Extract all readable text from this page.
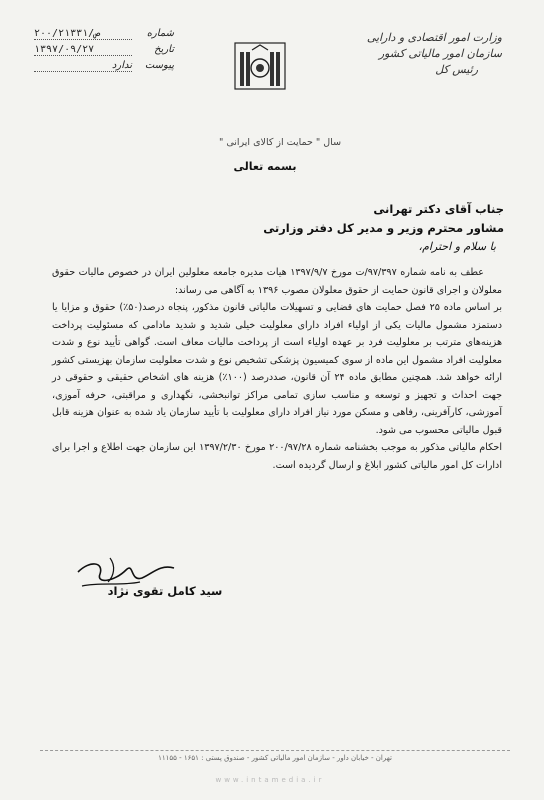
وزارت امور اقتصادی و دارایی
سازمان امور مالیاتی کشور
رئیس کل
شماره
۲۰۰/۲۱۳۳۱/ص
تاریخ
۱۳۹۷/۰۹/۲۷
پیوست
ندارد
سال " حمایت از کالای ایرانی "
بسمه تعالی
جناب آقای دکتر تهرانی
مشاور محترم وزیر و مدیر کل دفتر وزارتی
با سلام و احترام،

عطف به نامه شماره ۹۷/۳۹۷/ت مورخ ۱۳۹۷/۹/۷ هیات مدیره جامعه معلولین ایران در خصوص مالیات حقوق معلولان و اجرای قانون حمایت از حقوق معلولان مصوب ۱۳۹۶ به آگاهی می رساند:

بر اساس ماده ۲۵ فصل حمایت های قضایی و تسهیلات مالیاتی قانون مذکور، پنجاه درصد(۵۰٪) حقوق و مزایا یا دستمزد مشمول مالیات یکی از اولیاء افراد دارای معلولیت خیلی شدید و شدید مادامی که مسئولیت پرداخت هزینه‌های مترتب بر معلولیت فرد بر عهده اولیاء است از پرداخت مالیات معاف است. گواهی تأیید نوع و شدت معلولیت افراد مشمول این ماده از سوی کمیسیون پزشکی تشخیص نوع و شدت معلولیت سازمان بهزیستی کشور ارائه خواهد شد. همچنین مطابق ماده ۲۴ آن قانون، صددرصد (۱۰۰٪) هزینه های اشخاص حقیقی و حقوقی در جهت احداث و تجهیز و توسعه و مناسب سازی تمامی مراکز توانبخشی، نگهداری و مراقبتی، حرفه آموزی، آموزشی، کارآفرینی، رفاهی و مسکن مورد نیاز افراد دارای معلولیت با تأیید سازمان یاد شده به عنوان هزینه قابل قبول مالیاتی محسوب می شود.

احکام مالیاتی مذکور به موجب بخشنامه شماره ۲۰۰/۹۷/۲۸ مورخ ۱۳۹۷/۲/۳۰ این سازمان جهت اطلاع و اجرا برای ادارات کل امور مالیاتی کشور ابلاغ و ارسال گردیده است.

سید کامل تقوی نژاد
تهران - خیابان داور - سازمان امور مالیاتی کشور - صندوق پستی : ۱۶۵۱ - ۱۱۱۵۵
www.intamedia.ir
